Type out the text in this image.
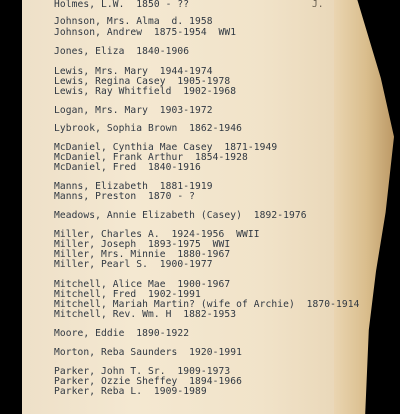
J.

Holmes, L.W.  1850 - ??

Johnson, Mrs. Alma  d. 1958

Johnson, Andrew  1875-1954  WW1

Jones, Eliza  1840-1906

Lewis, Mrs. Mary  1944-1974

Lewis, Regina Casey  1905-1978

Lewis, Ray Whitfield  1902-1968

Logan, Mrs. Mary  1903-1972

Lybrook, Sophia Brown  1862-1946

McDaniel, Cynthia Mae Casey  1871-1949

McDaniel, Frank Arthur  1854-1928

McDaniel, Fred  1840-1916

Manns, Elizabeth  1881-1919

Manns, Preston  1870 - ?

Meadows, Annie Elizabeth (Casey)  1892-1976

Miller, Charles A.  1924-1956  WWII

Miller, Joseph  1893-1975  WWI

Miller, Mrs. Minnie  1880-1967

Miller, Pearl S.  1900-1977

Mitchell, Alice Mae  1900-1967

Mitchell, Fred  1902-1991

Mitchell, Mariah Martin? (wife of Archie)  1870-1914

Mitchell, Rev. Wm. H  1882-1953

Moore, Eddie  1890-1922

Morton, Reba Saunders  1920-1991

Parker, John T. Sr.  1909-1973

Parker, Ozzie Sheffey  1894-1966

Parker, Reba L.  1909-1989
